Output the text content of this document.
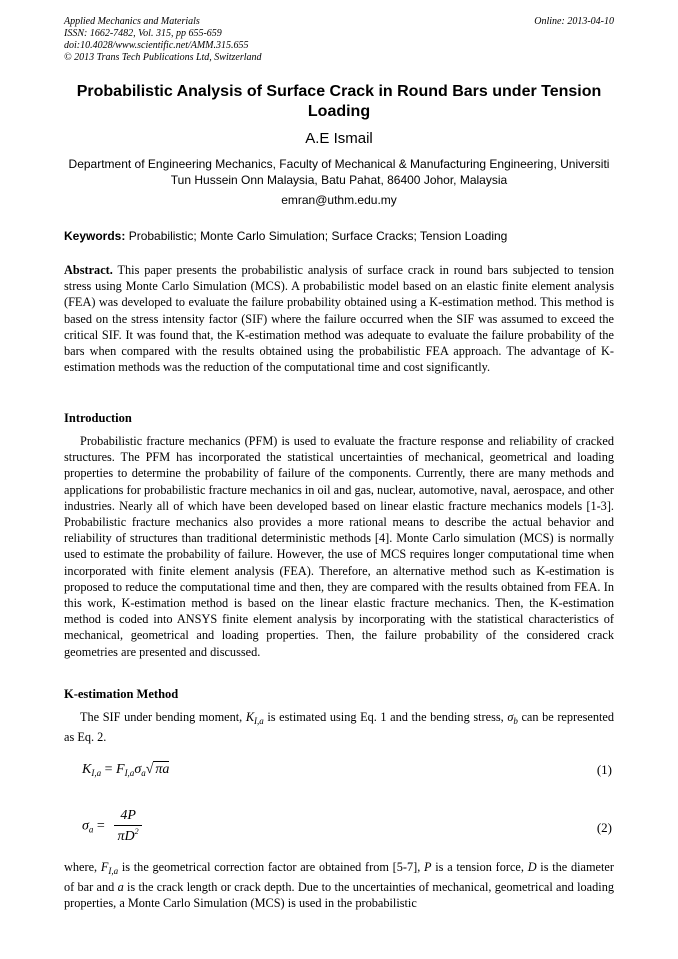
Applied Mechanics and Materials
ISSN: 1662-7482, Vol. 315, pp 655-659
doi:10.4028/www.scientific.net/AMM.315.655
© 2013 Trans Tech Publications Ltd, Switzerland
Online: 2013-04-10
Probabilistic Analysis of Surface Crack in Round Bars under Tension Loading
A.E Ismail
Department of Engineering Mechanics, Faculty of Mechanical & Manufacturing Engineering, Universiti Tun Hussein Onn Malaysia, Batu Pahat, 86400 Johor, Malaysia
emran@uthm.edu.my
Keywords: Probabilistic; Monte Carlo Simulation; Surface Cracks; Tension Loading
Abstract. This paper presents the probabilistic analysis of surface crack in round bars subjected to tension stress using Monte Carlo Simulation (MCS). A probabilistic model based on an elastic finite element analysis (FEA) was developed to evaluate the failure probability obtained using a K-estimation method. This method is based on the stress intensity factor (SIF) where the failure occurred when the SIF was assumed to exceed the critical SIF. It was found that, the K-estimation method was adequate to evaluate the failure probability of the bars when compared with the results obtained using the probabilistic FEA approach. The advantage of K-estimation methods was the reduction of the computational time and cost significantly.
Introduction
Probabilistic fracture mechanics (PFM) is used to evaluate the fracture response and reliability of cracked structures. The PFM has incorporated the statistical uncertainties of mechanical, geometrical and loading properties to determine the probability of failure of the components. Currently, there are many methods and applications for probabilistic fracture mechanics in oil and gas, nuclear, automotive, naval, aerospace, and other industries. Nearly all of which have been developed based on linear elastic fracture mechanics models [1-3]. Probabilistic fracture mechanics also provides a more rational means to describe the actual behavior and reliability of structures than traditional deterministic methods [4]. Monte Carlo simulation (MCS) is normally used to estimate the probability of failure. However, the use of MCS requires longer computational time when incorporated with finite element analysis (FEA). Therefore, an alternative method such as K-estimation is proposed to reduce the computational time and then, they are compared with the results obtained from FEA. In this work, K-estimation method is based on the linear elastic fracture mechanics. Then, the K-estimation method is coded into ANSYS finite element analysis by incorporating with the statistical characteristics of mechanical, geometrical and loading properties. Then, the failure probability of the considered crack geometries are presented and discussed.
K-estimation Method
The SIF under bending moment, $K_{I,a}$ is estimated using Eq. 1 and the bending stress, $\sigma_b$ can be represented as Eq. 2.
$K_{I,a} = F_{I,a}\sigma_a√$ πa	(1)
$\sigma_a = \frac{4P}{\pi D^2}$	(2)
where, $F_{I,a}$ is the geometrical correction factor are obtained from [5-7], P is a tension force, D is the diameter of bar and a is the crack length or crack depth. Due to the uncertainties of mechanical, geometrical and loading properties, a Monte Carlo Simulation (MCS) is used in the probabilistic
